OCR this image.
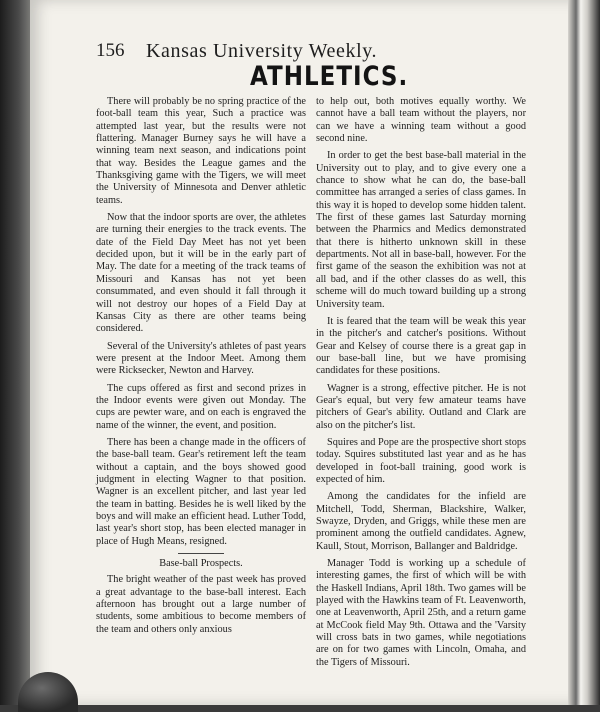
156 Kansas University Weekly.
ATHLETICS.

There will probably be no spring practice of the foot-ball team this year, Such a practice was attempted last year, but the results were not flattering. Manager Burney says he will have a winning team next season, and indications point that way. Besides the League games and the Thanksgiving game with the Tigers, we will meet the University of Minnesota and Denver athletic teams.

Now that the indoor sports are over, the athletes are turning their energies to the track events. The date of the Field Day Meet has not yet been decided upon, but it will be in the early part of May. The date for a meeting of the track teams of Missouri and Kansas has not yet been consummated, and even should it fall through it will not destroy our hopes of a Field Day at Kansas City as there are other teams being considered.

Several of the University's athletes of past years were present at the Indoor Meet. Among them were Ricksecker, Newton and Harvey.

The cups offered as first and second prizes in the Indoor events were given out Monday. The cups are pewter ware, and on each is engraved the name of the winner, the event, and position.

There has been a change made in the officers of the base-ball team. Gear's retirement left the team without a captain, and the boys showed good judgment in electing Wagner to that position. Wagner is an excellent pitcher, and last year led the team in batting. Besides he is well liked by the boys and will make an efficient head. Luther Todd, last year's short stop, has been elected manager in place of Hugh Means, resigned.

Base-ball Prospects.

The bright weather of the past week has proved a great advantage to the base-ball interest. Each afternoon has brought out a large number of students, some ambitious to become members of the team and others only anxious

to help out, both motives equally worthy. We cannot have a ball team without the players, nor can we have a winning team without a good second nine.

In order to get the best base-ball material in the University out to play, and to give every one a chance to show what he can do, the base-ball committee has arranged a series of class games. In this way it is hoped to develop some hidden talent. The first of these games last Saturday morning between the Pharmics and Medics demonstrated that there is hitherto unknown skill in these departments. Not all in base-ball, however. For the first game of the season the exhibition was not at all bad, and if the other classes do as well, this scheme will do much toward building up a strong University team.

It is feared that the team will be weak this year in the pitcher's and catcher's positions. Without Gear and Kelsey of course there is a great gap in our base-ball line, but we have promising candidates for these positions.

Wagner is a strong, effective pitcher. He is not Gear's equal, but very few amateur teams have pitchers of Gear's ability. Outland and Clark are also on the pitcher's list.

Squires and Pope are the prospective short stops today. Squires substituted last year and as he has developed in foot-ball training, good work is expected of him.

Among the candidates for the infield are Mitchell, Todd, Sherman, Blackshire, Walker, Swayze, Dryden, and Griggs, while these men are prominent among the outfield candidates. Agnew, Kaull, Stout, Morrison, Ballanger and Baldridge.

Manager Todd is working up a schedule of interesting games, the first of which will be with the Haskell Indians, April 18th. Two games will be played with the Hawkins team of Ft. Leavenworth, one at Leavenworth, April 25th, and a return game at McCook field May 9th. Ottawa and the 'Varsity will cross bats in two games, while negotiations are on for two games with Lincoln, Omaha, and the Tigers of Missouri.
